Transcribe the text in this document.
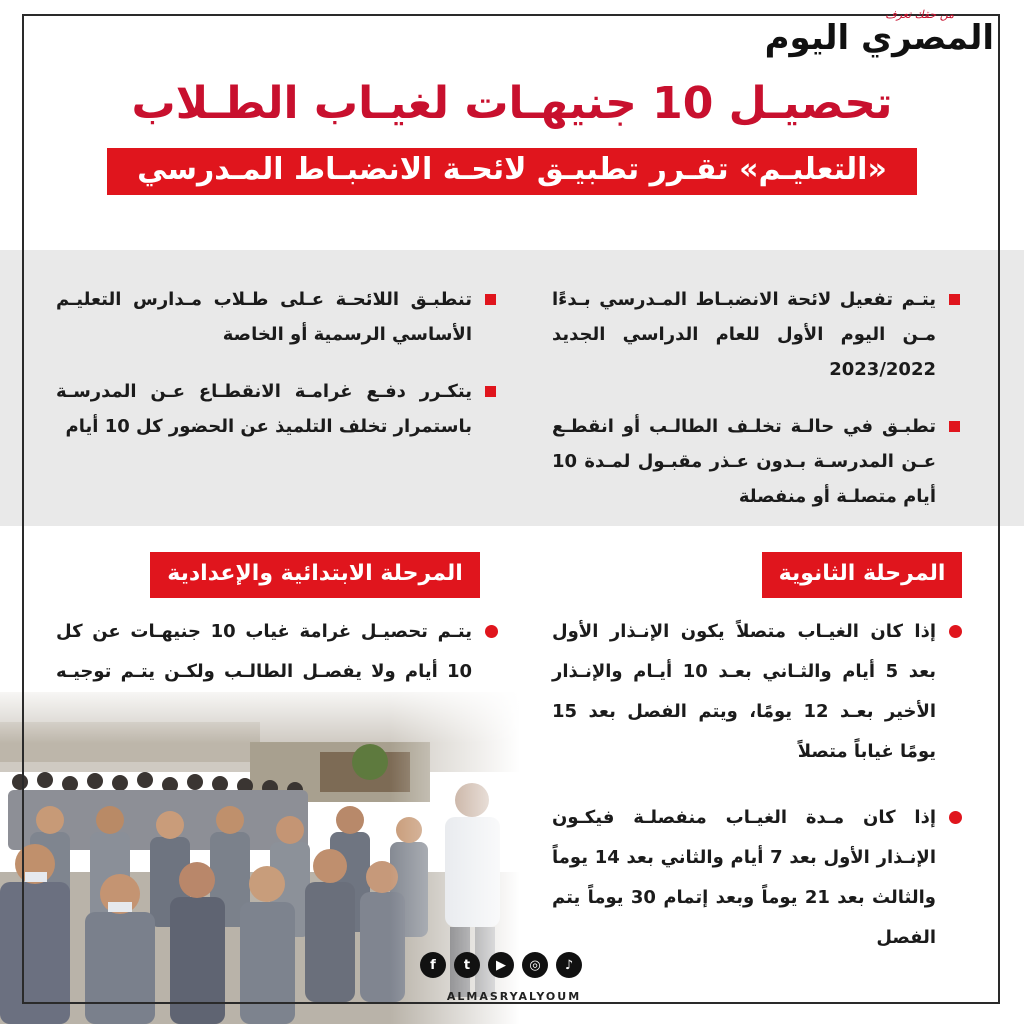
من حقك تعرف
المصري اليوم
تحصيـل 10 جنيهـات لغيـاب الطـلاب
«التعليـم» تقـرر تطبيـق لائحـة الانضبـاط المـدرسي
يتـم تفعيل لائحة الانضبـاط المـدرسي بـدءًا مـن اليوم الأول للعام الدراسي الجديد 2023/2022
تطبـق في حالـة تخلـف الطالـب أو انقطـع عـن المدرسـة بـدون عـذر مقبـول لمـدة 10 أيام متصلـة أو منفصلة
تنطبـق اللائحـة عـلى طـلاب مـدارس التعليـم الأساسي الرسمية أو الخاصة
يتكـرر دفـع غرامـة الانقطـاع عـن المدرسـة باستمرار تخلف التلميذ عن الحضور كل 10 أيام
المرحلة الثانوية
المرحلة الابتدائية والإعدادية
إذا كان الغيـاب متصلاً يكون الإنـذار الأول بعد 5 أيام والثـاني بعـد 10 أيـام والإنـذار الأخير بعـد 12 يومًا، ويتم الفصل بعد 15 يومًا غياباً متصلاً
إذا كان مـدة الغيـاب منفصلـة فيكـون الإنـذار الأول بعد 7 أيام والثاني بعد 14 يوماً والثالث بعد 21 يوماً وبعد إتمام 30 يوماً يتم الفصل
يتـم تحصيـل غرامة غياب 10 جنيهـات عن كل 10 أيام ولا يفصـل الطالـب ولكـن يتـم توجيـه
f	t	▶	◎	♪
ALMASRYALYOUM
